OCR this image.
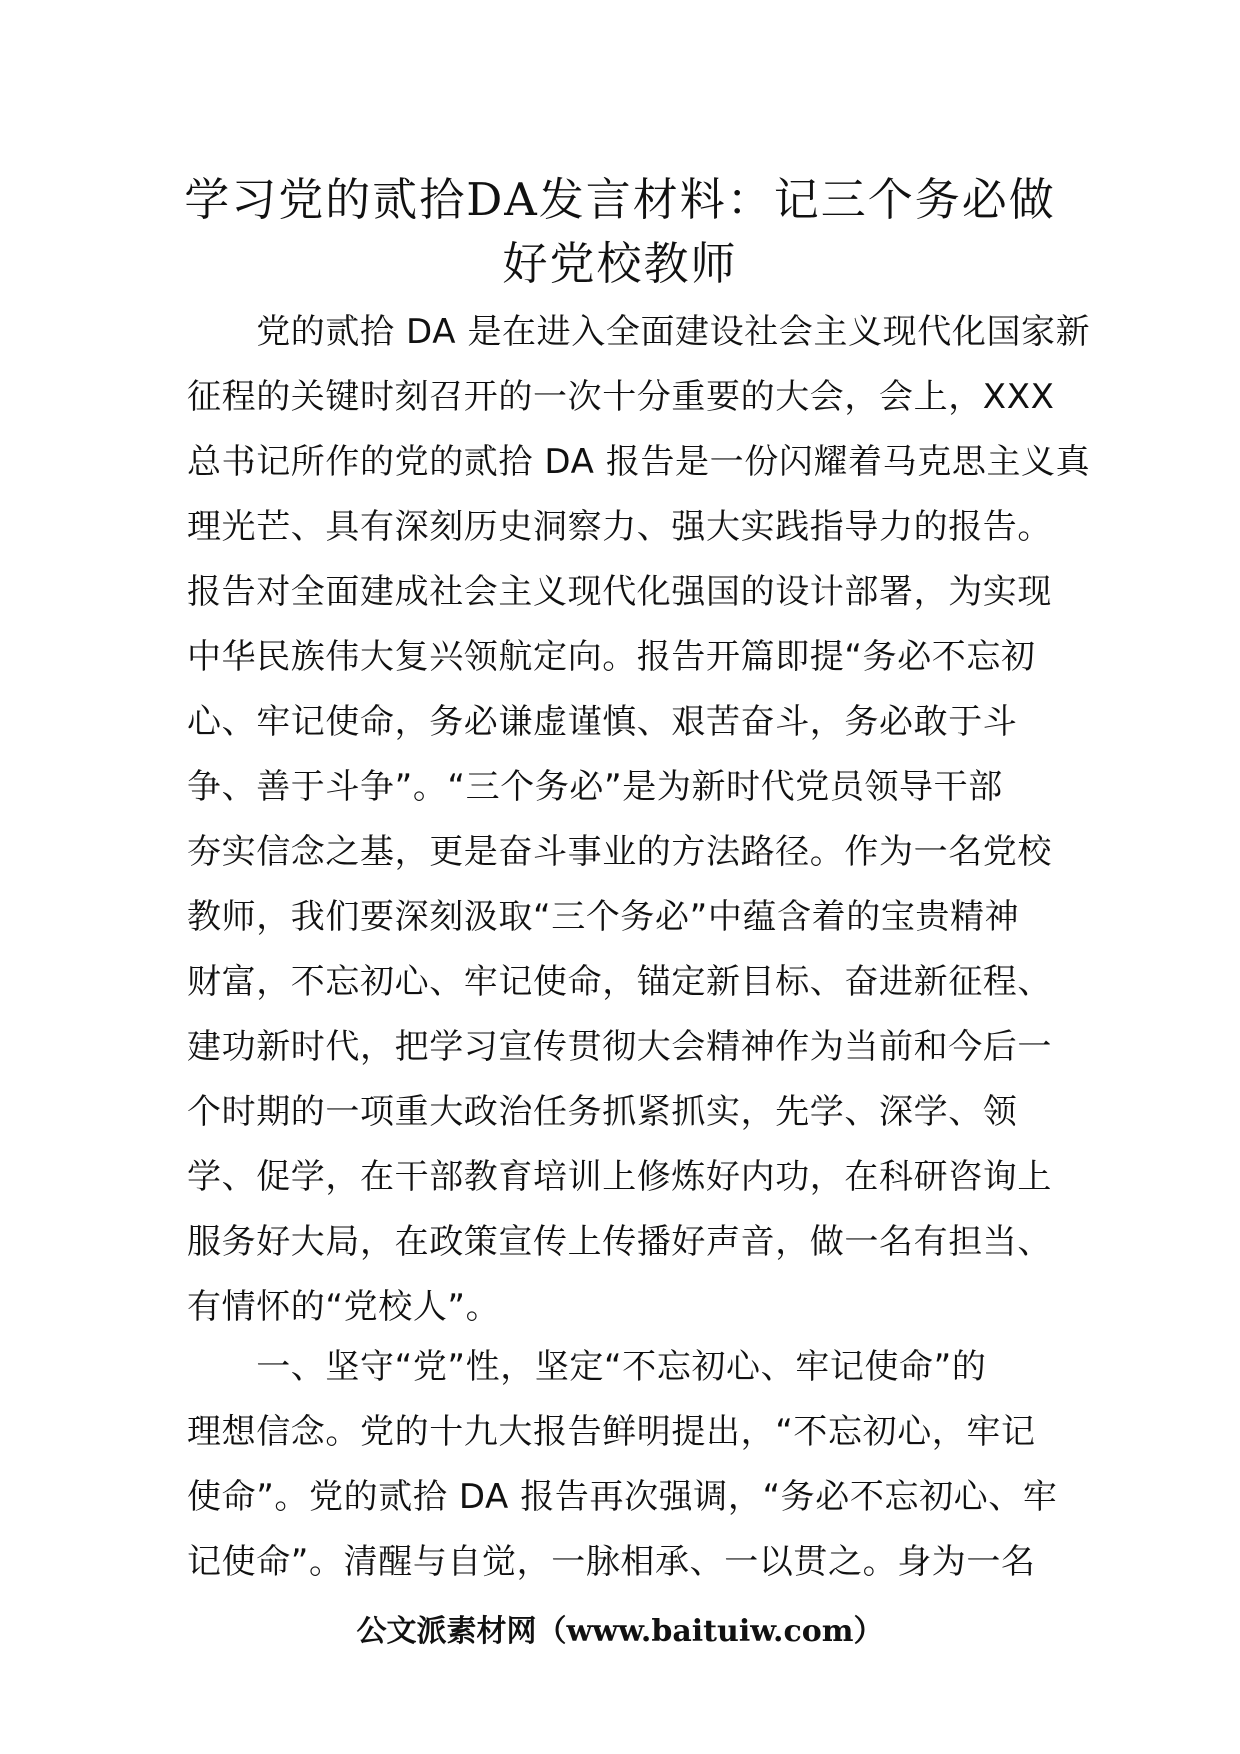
学习党的贰拾DA发言材料：记三个务必做
好党校教师
　　党的贰拾 DA 是在进入全面建设社会主义现代化国家新
征程的关键时刻召开的一次十分重要的大会，会上，XXX
总书记所作的党的贰拾 DA 报告是一份闪耀着马克思主义真
理光芒、具有深刻历史洞察力、强大实践指导力的报告。
报告对全面建成社会主义现代化强国的设计部署，为实现
中华民族伟大复兴领航定向。报告开篇即提“务必不忘初
心、牢记使命，务必谦虚谨慎、艰苦奋斗，务必敢于斗
争、善于斗争”。“三个务必”是为新时代党员领导干部
夯实信念之基，更是奋斗事业的方法路径。作为一名党校
教师，我们要深刻汲取“三个务必”中蕴含着的宝贵精神
财富，不忘初心、牢记使命，锚定新目标、奋进新征程、
建功新时代，把学习宣传贯彻大会精神作为当前和今后一
个时期的一项重大政治任务抓紧抓实，先学、深学、领
学、促学，在干部教育培训上修炼好内功，在科研咨询上
服务好大局，在政策宣传上传播好声音，做一名有担当、
有情怀的“党校人”。
　　一、坚守“党”性，坚定“不忘初心、牢记使命”的
理想信念。党的十九大报告鲜明提出，“不忘初心，牢记
使命”。党的贰拾 DA 报告再次强调，“务必不忘初心、牢
记使命”。清醒与自觉，一脉相承、一以贯之。身为一名
公文派素材网（www.baituiw.com）
